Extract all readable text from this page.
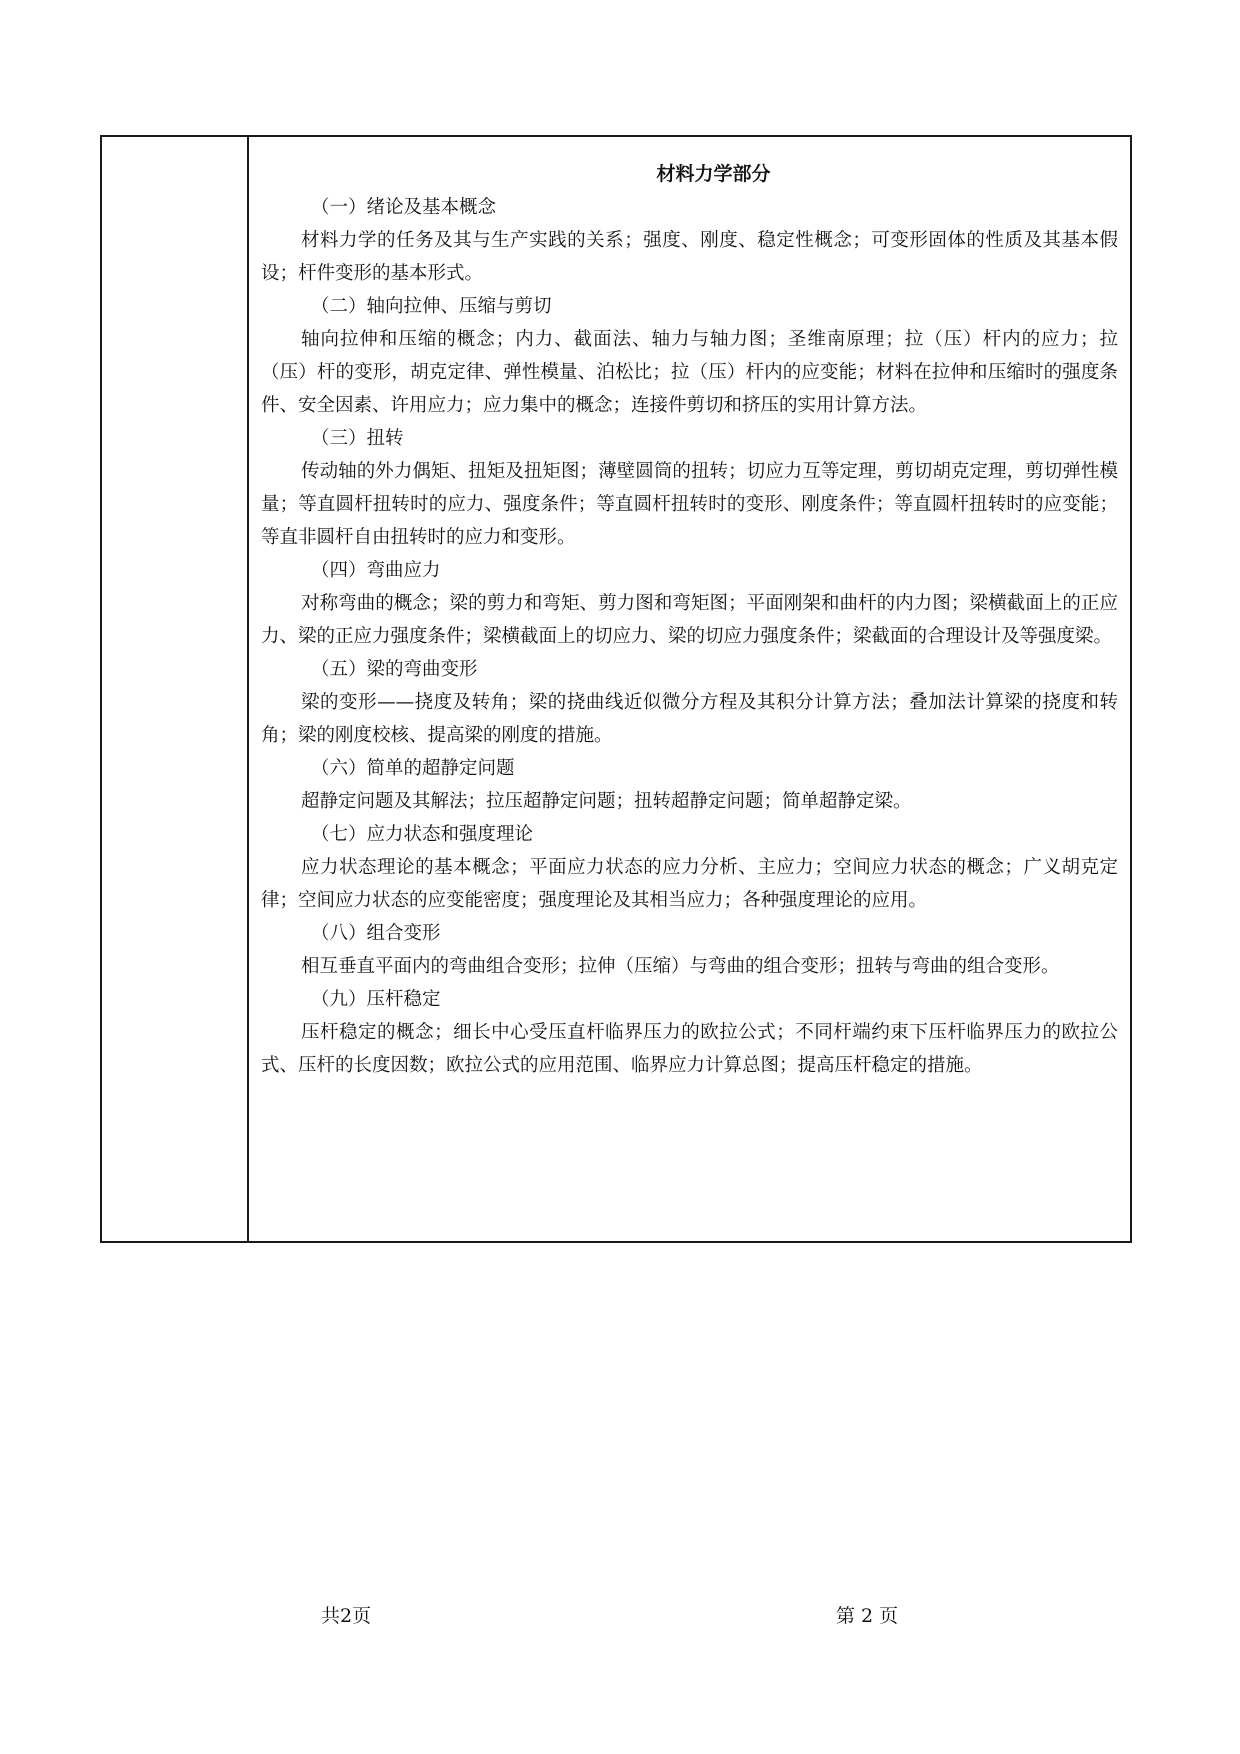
材料力学部分

（一）绪论及基本概念

材料力学的任务及其与生产实践的关系；强度、刚度、稳定性概念；可变形固体的性质及其基本假设；杆件变形的基本形式。

（二）轴向拉伸、压缩与剪切

轴向拉伸和压缩的概念；内力、截面法、轴力与轴力图；圣维南原理；拉（压）杆内的应力；拉（压）杆的变形，胡克定律、弹性模量、泊松比；拉（压）杆内的应变能；材料在拉伸和压缩时的强度条件、安全因素、许用应力；应力集中的概念；连接件剪切和挤压的实用计算方法。

（三）扭转

传动轴的外力偶矩、扭矩及扭矩图；薄壁圆筒的扭转；切应力互等定理，剪切胡克定理，剪切弹性模量；等直圆杆扭转时的应力、强度条件；等直圆杆扭转时的变形、刚度条件；等直圆杆扭转时的应变能；等直非圆杆自由扭转时的应力和变形。

（四）弯曲应力

对称弯曲的概念；梁的剪力和弯矩、剪力图和弯矩图；平面刚架和曲杆的内力图；梁横截面上的正应力、梁的正应力强度条件；梁横截面上的切应力、梁的切应力强度条件；梁截面的合理设计及等强度梁。

（五）梁的弯曲变形

梁的变形——挠度及转角；梁的挠曲线近似微分方程及其积分计算方法；叠加法计算梁的挠度和转角；梁的刚度校核、提高梁的刚度的措施。

（六）简单的超静定问题

超静定问题及其解法；拉压超静定问题；扭转超静定问题；简单超静定梁。

（七）应力状态和强度理论

应力状态理论的基本概念；平面应力状态的应力分析、主应力；空间应力状态的概念；广义胡克定律；空间应力状态的应变能密度；强度理论及其相当应力；各种强度理论的应用。

（八）组合变形

相互垂直平面内的弯曲组合变形；拉伸（压缩）与弯曲的组合变形；扭转与弯曲的组合变形。

（九）压杆稳定

压杆稳定的概念；细长中心受压直杆临界压力的欧拉公式；不同杆端约束下压杆临界压力的欧拉公式、压杆的长度因数；欧拉公式的应用范围、临界应力计算总图；提高压杆稳定的措施。

共2页	第 2 页
